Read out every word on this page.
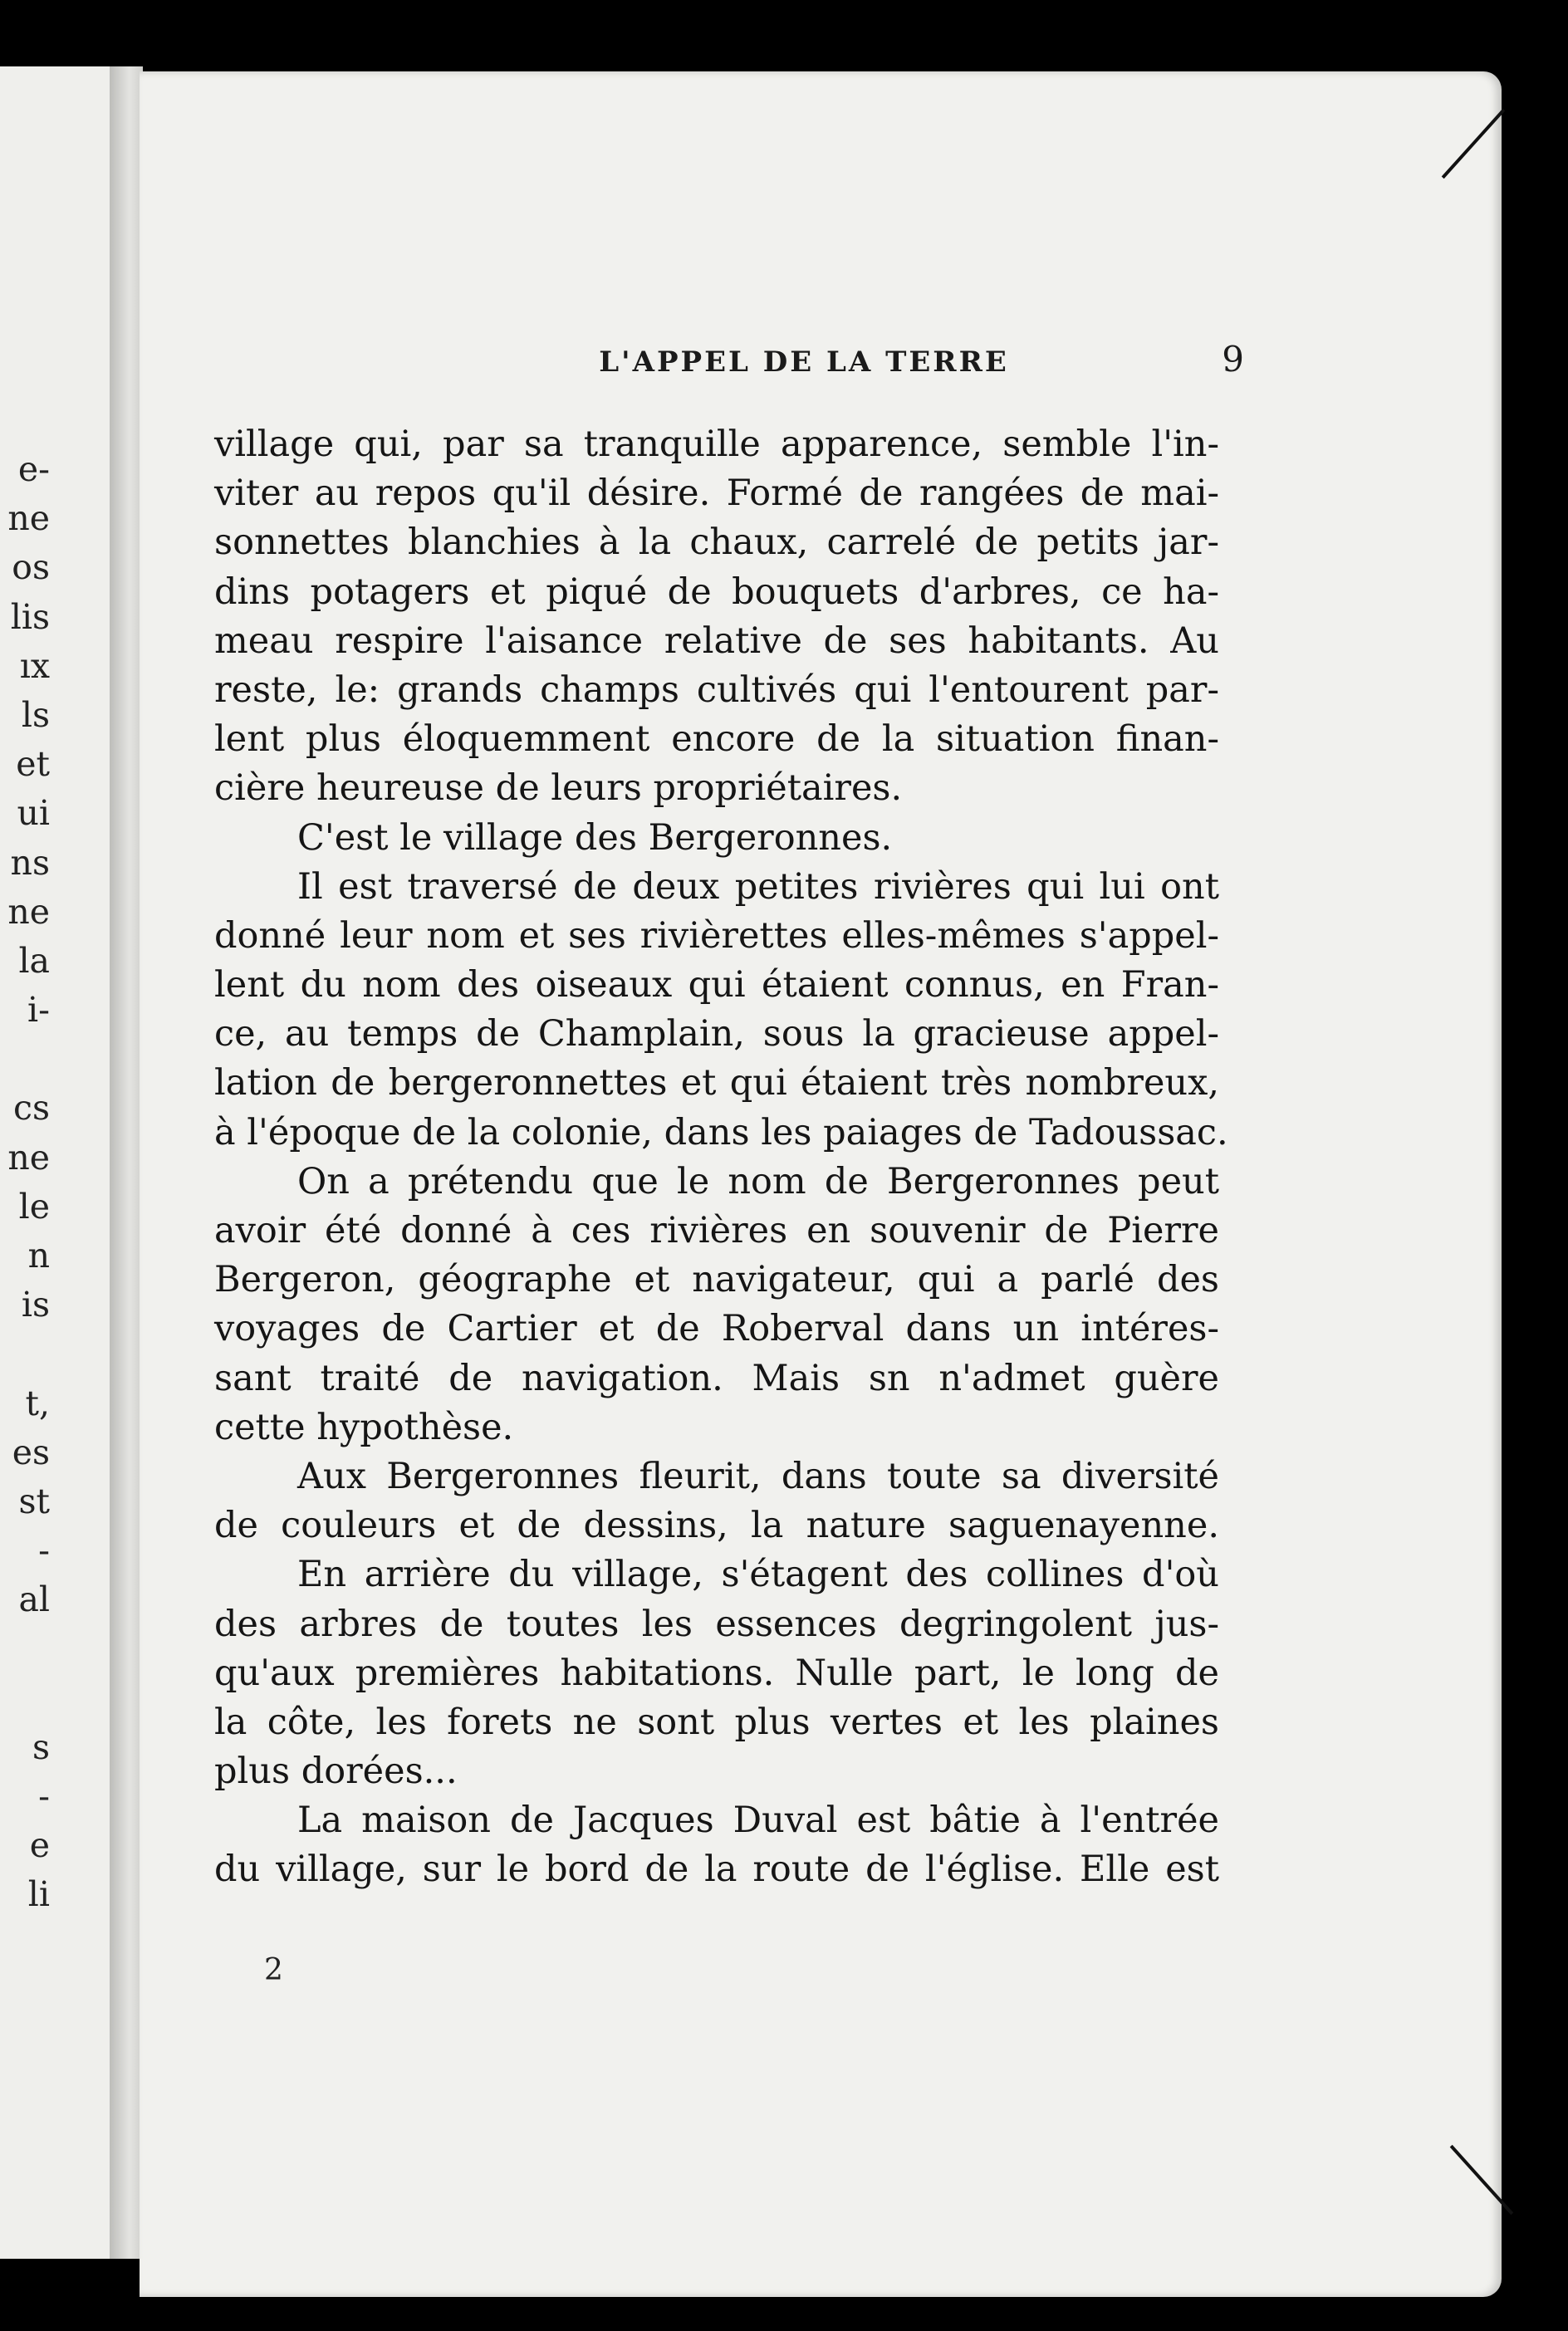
e-
ne
os
lis
ıx
ls
et
ui
ns
ne
la
i-
cs
ne
le
n
is
t,
es
st
-
al
s
-
e
li
L'APPEL DE LA TERRE	9
village qui, par sa tranquille apparence, semble l'in-
viter au repos qu'il désire. Formé de rangées de mai-
sonnettes blanchies à la chaux, carrelé de petits jar-
dins potagers et piqué de bouquets d'arbres, ce ha-
meau respire l'aisance relative de ses habitants. Au
reste, le: grands champs cultivés qui l'entourent par-
lent plus éloquemment encore de la situation finan-
cière heureuse de leurs propriétaires.
C'est le village des Bergeronnes.
Il est traversé de deux petites rivières qui lui ont
donné leur nom et ses rivièrettes elles-mêmes s'appel-
lent du nom des oiseaux qui étaient connus, en Fran-
ce, au temps de Champlain, sous la gracieuse appel-
lation de bergeronnettes et qui étaient très nombreux,
à l'époque de la colonie, dans les paiages de Tadoussac.
On a prétendu que le nom de Bergeronnes peut
avoir été donné à ces rivières en souvenir de Pierre
Bergeron, géographe et navigateur, qui a parlé des
voyages de Cartier et de Roberval dans un intéres-
sant traité de navigation. Mais sn n'admet guère
cette hypothèse.
Aux Bergeronnes fleurit, dans toute sa diversité
de couleurs et de dessins, la nature saguenayenne.
En arrière du village, s'étagent des collines d'où
des arbres de toutes les essences degringolent jus-
qu'aux premières habitations. Nulle part, le long de
la côte, les forets ne sont plus vertes et les plaines
plus dorées...
La maison de Jacques Duval est bâtie à l'entrée
du village, sur le bord de la route de l'église. Elle est
2
